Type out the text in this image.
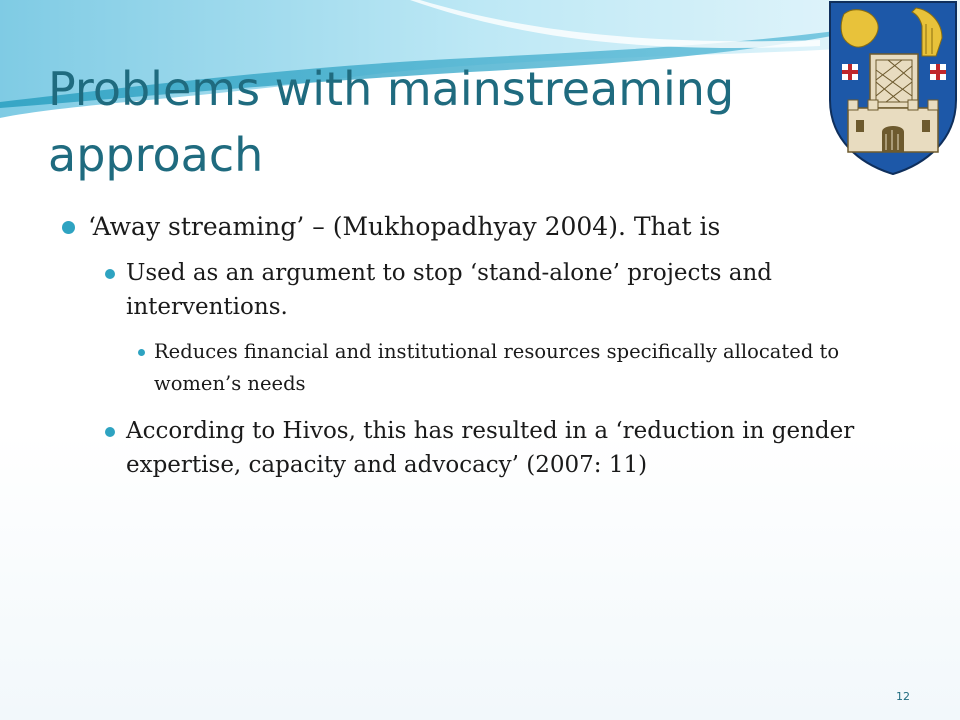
Problems with mainstreaming approach
‘Away streaming’ – (Mukhopadhyay 2004). That is
Used as an argument to stop ‘stand-alone’ projects and interventions.
Reduces financial and institutional resources specifically allocated to women’s needs
According to Hivos, this has resulted in a ‘reduction in gender expertise, capacity and advocacy’ (2007: 11)
12
